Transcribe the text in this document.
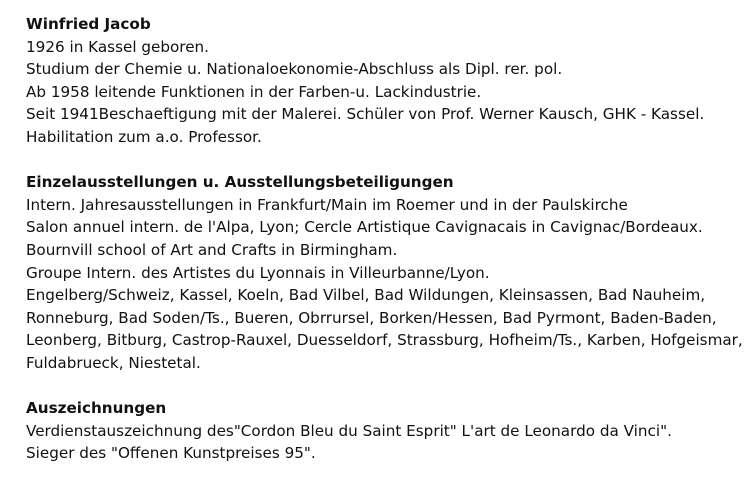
Winfried Jacob
1926 in Kassel geboren.
Studium der Chemie u. Nationaloekonomie-Abschluss als Dipl. rer. pol.
Ab 1958 leitende Funktionen in der Farben-u. Lackindustrie.
Seit 1941Beschaeftigung mit der Malerei. Schüler von Prof. Werner Kausch, GHK - Kassel.
Habilitation zum a.o. Professor.
Einzelausstellungen u. Ausstellungsbeteiligungen
Intern. Jahresausstellungen in Frankfurt/Main im Roemer und in der Paulskirche
Salon annuel intern. de l'Alpa, Lyon; Cercle Artistique Cavignacais in Cavignac/Bordeaux.
Bournvill school of Art and Crafts in Birmingham.
Groupe Intern. des Artistes du Lyonnais in Villeurbanne/Lyon.
Engelberg/Schweiz, Kassel, Koeln, Bad Vilbel, Bad Wildungen, Kleinsassen, Bad Nauheim,
Ronneburg, Bad Soden/Ts., Bueren, Obrrursel, Borken/Hessen, Bad Pyrmont, Baden-Baden,
Leonberg, Bitburg, Castrop-Rauxel, Duesseldorf, Strassburg, Hofheim/Ts., Karben, Hofgeismar,
Fuldabrueck, Niestetal.
Auszeichnungen
Verdienstauszeichnung des"Cordon Bleu du Saint Esprit" L'art de Leonardo da Vinci".
Sieger des "Offenen Kunstpreises 95".
